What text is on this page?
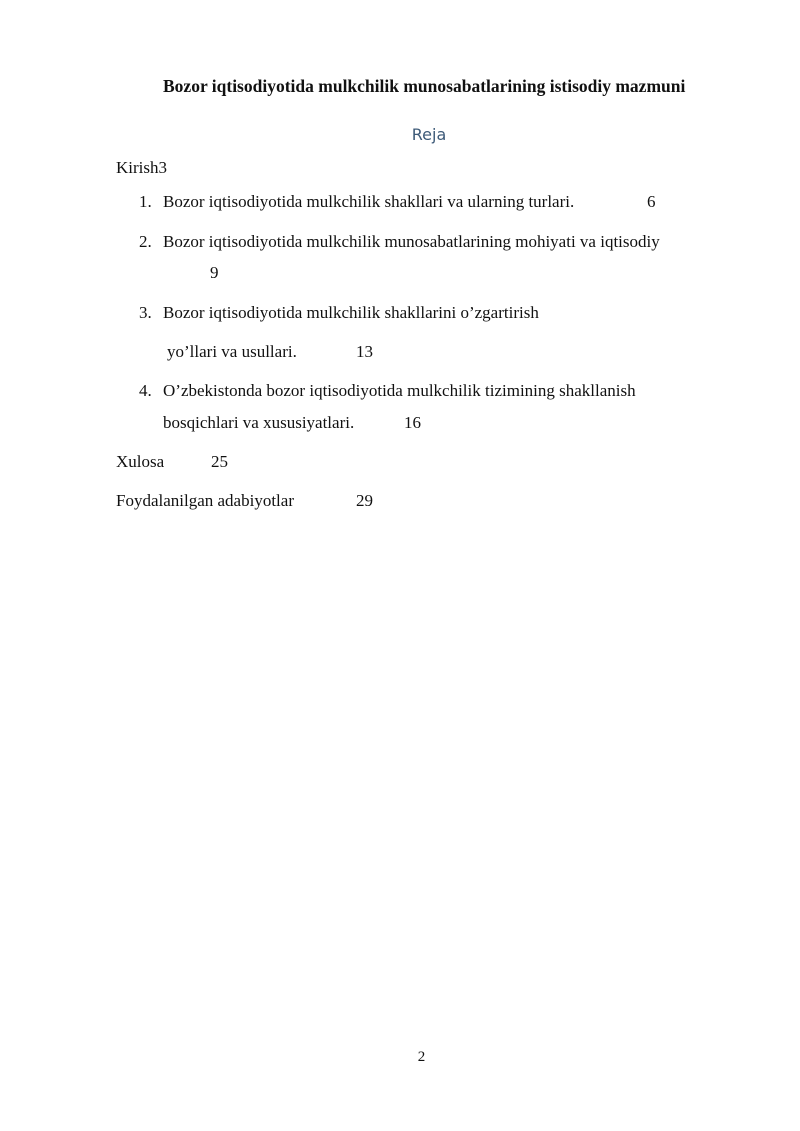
Bozor iqtisodiyotida mulkchilik munosabatlarining istisodiy mazmuni
Reja
Kirish3
1. Bozor iqtisodiyotida mulkchilik shakllari va ularning turlari.	6
2. Bozor iqtisodiyotida mulkchilik munosabatlarining mohiyati va iqtisodiy
9
3. Bozor iqtisodiyotida mulkchilik shakllarini o’zgartirish
yo’llari va usullari.	13
4. O’zbekistonda bozor iqtisodiyotida mulkchilik tizimining shakllanish
bosqichlari va xususiyatlari.	16
Xulosa	25
Foydalanilgan adabiyotlar	29
2
